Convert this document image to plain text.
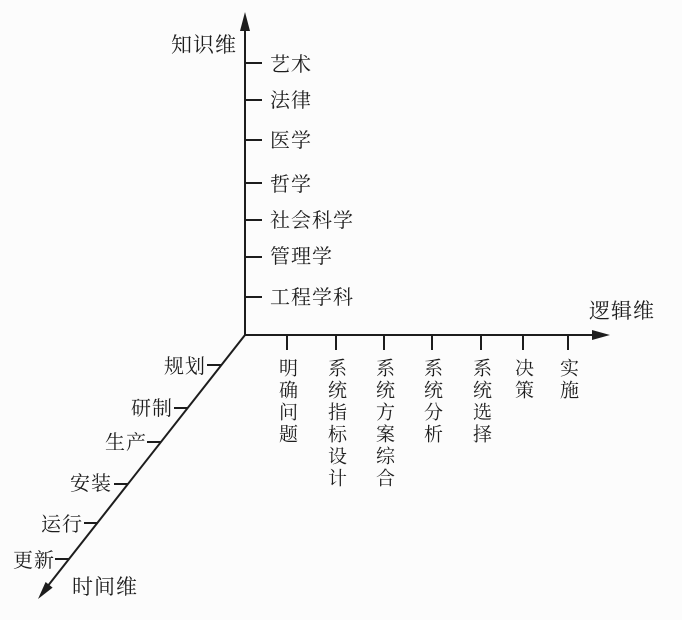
知识维
逻辑维
时间维
艺术
法律
医学
哲学
社会科学
管理学
工程学科
明确问题 系统指标设计 系统方案综合 系统分析 系统选择 决策 实施
规划
研制
生产
安装
运行
更新
